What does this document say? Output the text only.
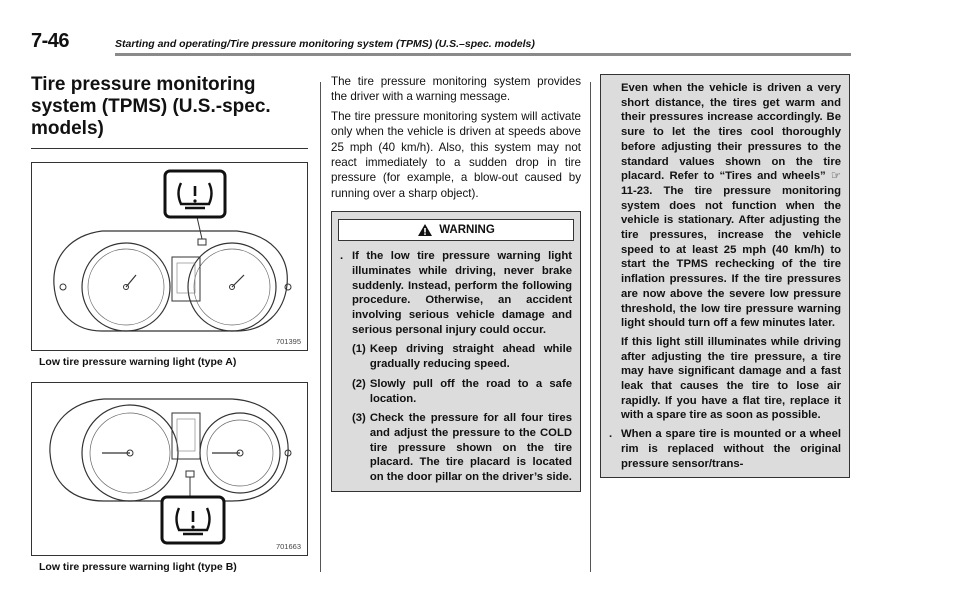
7-46	Starting and operating/Tire pressure monitoring system (TPMS) (U.S.–spec. models)
Tire pressure monitoring system (TPMS) (U.S.-spec. models)
701395
Low tire pressure warning light (type A)
701663
Low tire pressure warning light (type B)

The tire pressure monitoring system provides the driver with a warning message.

The tire pressure monitoring system will activate only when the vehicle is driven at speeds above 25 mph (40 km/h). Also, this system may not react immediately to a sudden drop in tire pressure (for example, a blow-out caused by running over a sharp object).

WARNING
. If the low tire pressure warning light illuminates while driving, never brake suddenly. Instead, perform the following procedure. Otherwise, an accident involving serious vehicle damage and serious personal injury could occur.
(1) Keep driving straight ahead while gradually reducing speed.
(2) Slowly pull off the road to a safe location.
(3) Check the pressure for all four tires and adjust the pressure to the COLD tire pressure shown on the tire placard. The tire placard is located on the door pillar on the driver’s side.

Even when the vehicle is driven a very short distance, the tires get warm and their pressures increase accordingly. Be sure to let the tires cool thoroughly before adjusting their pressures to the standard values shown on the tire placard. Refer to “Tires and wheels” ☞11-23. The tire pressure monitoring system does not function when the vehicle is stationary. After adjusting the tire pressures, increase the vehicle speed to at least 25 mph (40 km/h) to start the TPMS rechecking of the tire inflation pressures. If the tire pressures are now above the severe low pressure threshold, the low tire pressure warning light should turn off a few minutes later.

If this light still illuminates while driving after adjusting the tire pressure, a tire may have significant damage and a fast leak that causes the tire to lose air rapidly. If you have a flat tire, replace it with a spare tire as soon as possible.

. When a spare tire is mounted or a wheel rim is replaced without the original pressure sensor/trans-
